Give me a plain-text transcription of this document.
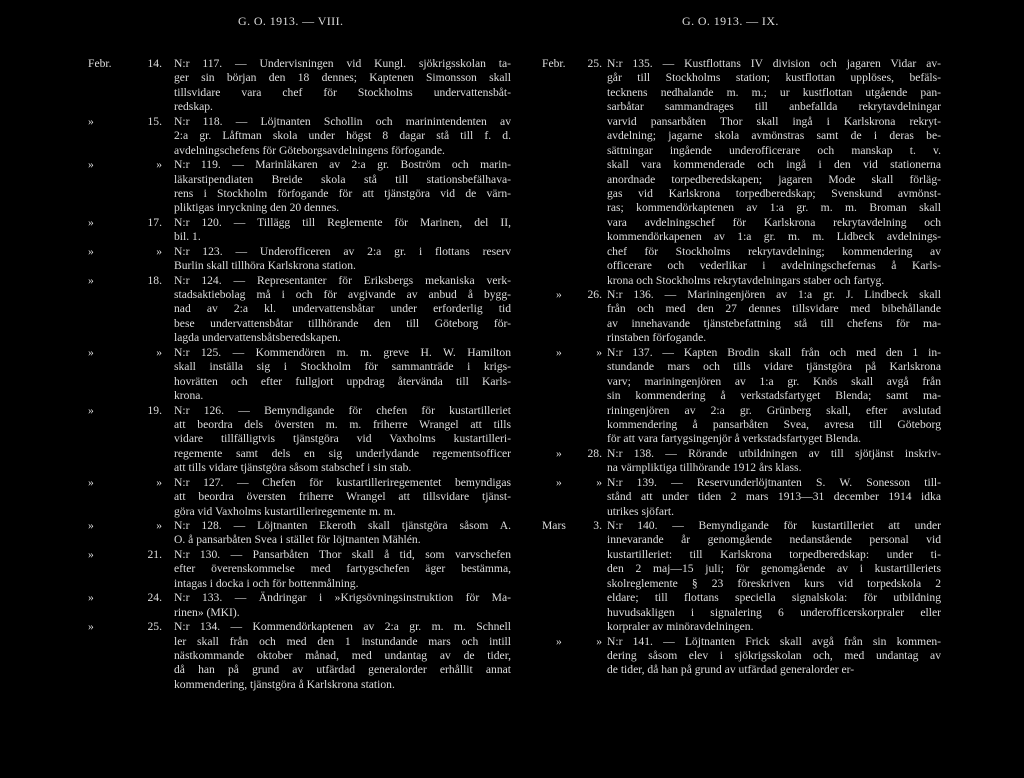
G. O. 1913. — VIII.
Febr.	14. N:r 117. — Undervisningen vid Kungl. sjökrigsskolan ta-
ger sin början den 18 dennes; Kaptenen Simonsson skall
tillsvidare vara chef för Stockholms undervattensbåt-
redskap.
»	15. N:r 118. — Löjtnanten Schollin och marinintendenten av
2:a gr. Låftman skola under högst 8 dagar stå till f. d.
avdelningschefens för Göteborgsavdelningens förfogande.
»	» N:r 119. — Marinläkaren av 2:a gr. Boström och marin-
läkarstipendiaten Breide skola stå till stationsbefälhava-
rens i Stockholm förfogande för att tjänstgöra vid de värn-
pliktigas inryckning den 20 dennes.
»	17. N:r 120. — Tillägg till Reglemente för Marinen, del II,
bil. 1.
»	» N:r 123. — Underofficeren av 2:a gr. i flottans reserv
Burlin skall tillhöra Karlskrona station.
»	18. N:r 124. — Representanter för Eriksbergs mekaniska verk-
stadsaktiebolag må i och för avgivande av anbud å bygg-
nad av 2:a kl. undervattensbåtar under erforderlig tid
bese undervattensbåtar tillhörande den till Göteborg för-
lagda undervattensbåtsberedskapen.
»	» N:r 125. — Kommendören m. m. greve H. W. Hamilton
skall inställa sig i Stockholm för sammanträde i krigs-
hovrätten och efter fullgjort uppdrag återvända till Karls-
krona.
»	19. N:r 126. — Bemyndigande för chefen för kustartilleriet
att beordra dels översten m. m. friherre Wrangel att tills
vidare tillfälligtvis tjänstgöra vid Vaxholms kustartilleri-
regemente samt dels en sig underlydande regementsofficer
att tills vidare tjänstgöra såsom stabschef i sin stab.
»	» N:r 127. — Chefen för kustartilleriregementet bemyndigas
att beordra översten friherre Wrangel att tillsvidare tjänst-
göra vid Vaxholms kustartilleriregemente m. m.
»	» N:r 128. — Löjtnanten Ekeroth skall tjänstgöra såsom A.
O. å pansarbåten Svea i stället för löjtnanten Mählén.
»	21. N:r 130. — Pansarbåten Thor skall å tid, som varvschefen
efter överenskommelse med fartygschefen äger bestämma,
intagas i docka i och för bottenmålning.
»	24. N:r 133. — Ändringar i »Krigsövningsinstruktion för Ma-
rinen» (MKI).
»	25. N:r 134. — Kommendörkaptenen av 2:a gr. m. m. Schnell
ler skall från och med den 1 instundande mars och intill
nästkommande oktober månad, med undantag av de tider,
då han på grund av utfärdad generalorder erhållit annat
kommendering, tjänstgöra å Karlskrona station.
G. O. 1913. — IX.
Febr.	25. N:r 135. — Kustflottans IV division och jagaren Vidar av-
går till Stockholms station; kustflottan upplöses, befäls-
tecknens nedhalande m. m.; ur kustflottan utgående pan-
sarbåtar sammandrages till anbefallda rekrytavdelningar
varvid pansarbåten Thor skall ingå i Karlskrona rekryt-
avdelning; jagarne skola avmönstras samt de i deras be-
sättningar ingående underofficerare och manskap t. v.
skall vara kommenderade och ingå i den vid stationerna
anordnade torpedberedskapen; jagaren Mode skall förläg-
gas vid Karlskrona torpedberedskap; Svenskund avmönst-
ras; kommendörkaptenen av 1:a gr. m. m. Broman skall
vara avdelningschef för Karlskrona rekrytavdelning och
kommendörkapenen av 1:a gr. m. m. Lidbeck avdelnings-
chef för Stockholms rekrytavdelning; kommendering av
officerare och vederlikar i avdelningschefernas å Karls-
krona och Stockholms rekrytavdelningars staber och fartyg.
»	26. N:r 136. — Mariningenjören av 1:a gr. J. Lindbeck skall
från och med den 27 dennes tillsvidare med bibehållande
av innehavande tjänstebefattning stå till chefens för ma-
rinstaben förfogande.
»	» N:r 137. — Kapten Brodin skall från och med den 1 in-
stundande mars och tills vidare tjänstgöra på Karlskrona
varv; mariningenjören av 1:a gr. Knös skall avgå från
sin kommendering å verkstadsfartyget Blenda; samt ma-
riningenjören av 2:a gr. Grünberg skall, efter avslutad
kommendering å pansarbåten Svea, avresa till Göteborg
för att vara fartygsingenjör å verkstadsfartyget Blenda.
»	28. N:r 138. — Rörande utbildningen av till sjötjänst inskriv-
na värnpliktiga tillhörande 1912 års klass.
»	» N:r 139. — Reservunderlöjtnanten S. W. Sonesson till-
stånd att under tiden 2 mars 1913—31 december 1914 idka
utrikes sjöfart.
Mars	3. N:r 140. — Bemyndigande för kustartilleriet att under
innevarande år genomgående nedanstående personal vid
kustartilleriet: till Karlskrona torpedberedskap: under ti-
den 2 maj—15 juli; för genomgående av i kustartilleriets
skolreglemente § 23 föreskriven kurs vid torpedskola 2
eldare; till flottans speciella signalskola: för utbildning
huvudsakligen i signalering 6 underofficerskorpraler eller
korpraler av minöravdelningen.
»	» N:r 141. — Löjtnanten Frick skall avgå från sin kommen-
dering såsom elev i sjökrigsskolan och, med undantag av
de tider, då han på grund av utfärdad generalorder er-
